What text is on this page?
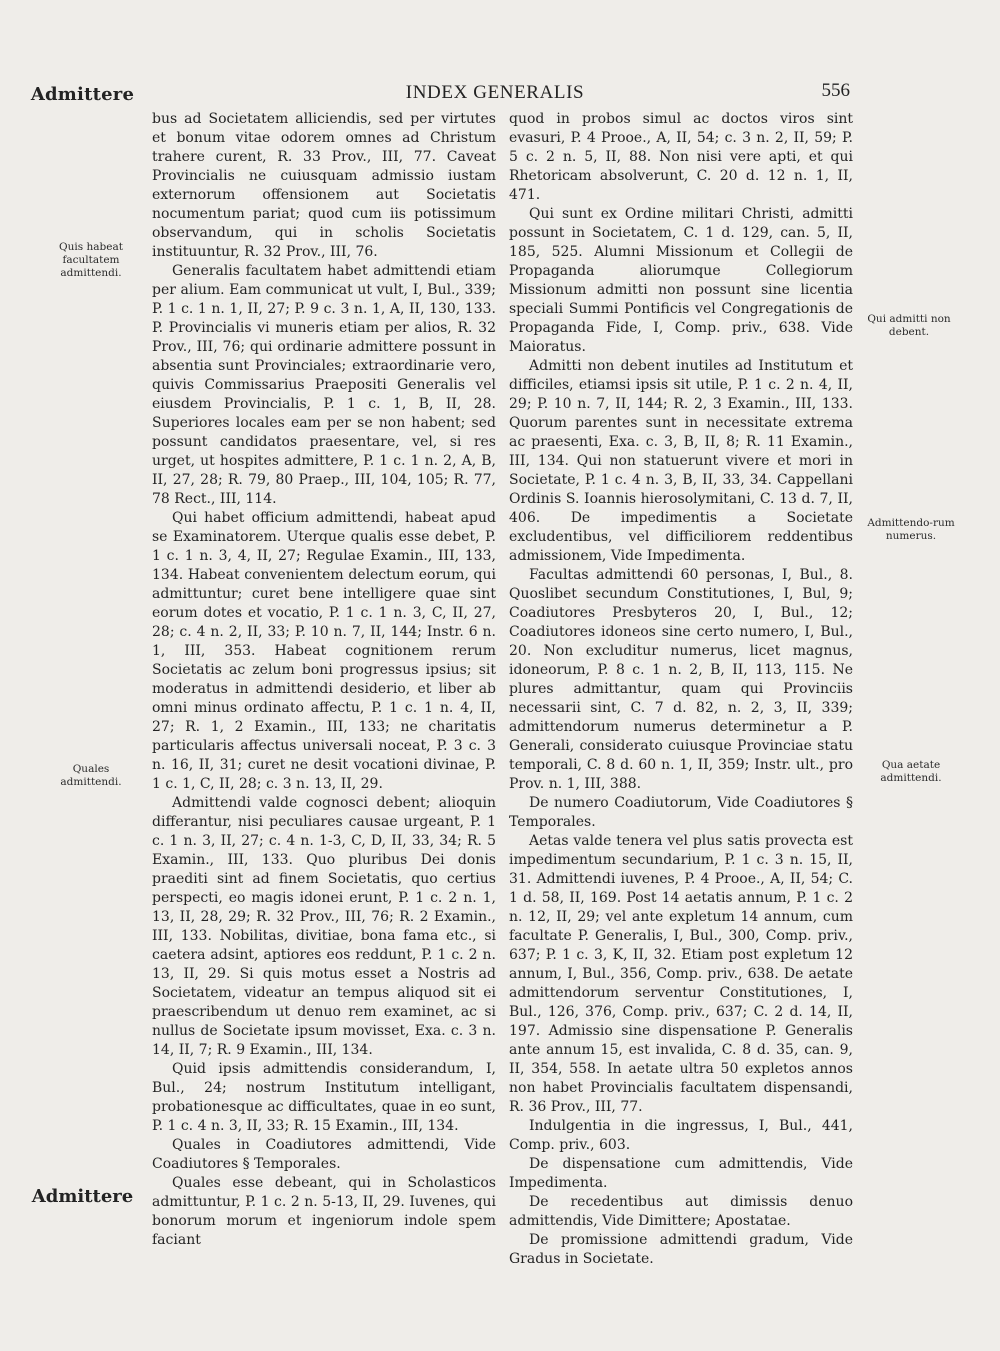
Admittere	INDEX GENERALIS	556
Quis habeat facultatem admittendi.
Quales admittendi.
Qui admitti non debent.
Admittendo-rum numerus.
Qua aetate admittendi.

bus ad Societatem alliciendis, sed per virtutes et bonum vitae odorem omnes ad Christum trahere curent, R. 33 Prov., III, 77. Caveat Provincialis ne cuiusquam admissio iustam externorum offensionem aut Societatis nocumentum pariat; quod cum iis potissimum observandum, qui in scholis Societatis instituuntur, R. 32 Prov., III, 76.

Generalis facultatem habet admittendi etiam per alium. Eam communicat ut vult, I, Bul., 339; P. 1 c. 1 n. 1, II, 27; P. 9 c. 3 n. 1, A, II, 130, 133. P. Provincialis vi muneris etiam per alios, R. 32 Prov., III, 76; qui ordinarie admittere possunt in absentia sunt Provinciales; extraordinarie vero, quivis Commissarius Praepositi Generalis vel eiusdem Provincialis, P. 1 c. 1, B, II, 28. Superiores locales eam per se non habent; sed possunt candidatos praesentare, vel, si res urget, ut hospites admittere, P. 1 c. 1 n. 2, A, B, II, 27, 28; R. 79, 80 Praep., III, 104, 105; R. 77, 78 Rect., III, 114.

Qui habet officium admittendi, habeat apud se Examinatorem. Uterque qualis esse debet, P. 1 c. 1 n. 3, 4, II, 27; Regulae Examin., III, 133, 134. Habeat convenientem delectum eorum, qui admittuntur; curet bene intelligere quae sint eorum dotes et vocatio, P. 1 c. 1 n. 3, C, II, 27, 28; c. 4 n. 2, II, 33; P. 10 n. 7, II, 144; Instr. 6 n. 1, III, 353. Habeat cognitionem rerum Societatis ac zelum boni progressus ipsius; sit moderatus in admittendi desiderio, et liber ab omni minus ordinato affectu, P. 1 c. 1 n. 4, II, 27; R. 1, 2 Examin., III, 133; ne charitatis particularis affectus universali noceat, P. 3 c. 3 n. 16, II, 31; curet ne desit vocationi divinae, P. 1 c. 1, C, II, 28; c. 3 n. 13, II, 29.

Admittendi valde cognosci debent; alioquin differantur, nisi peculiares causae urgeant, P. 1 c. 1 n. 3, II, 27; c. 4 n. 1-3, C, D, II, 33, 34; R. 5 Examin., III, 133. Quo pluribus Dei donis praediti sint ad finem Societatis, quo certius perspecti, eo magis idonei erunt, P. 1 c. 2 n. 1, 13, II, 28, 29; R. 32 Prov., III, 76; R. 2 Examin., III, 133. Nobilitas, divitiae, bona fama etc., si caetera adsint, aptiores eos reddunt, P. 1 c. 2 n. 13, II, 29. Si quis motus esset a Nostris ad Societatem, videatur an tempus aliquod sit ei praescribendum ut denuo rem examinet, ac si nullus de Societate ipsum movisset, Exa. c. 3 n. 14, II, 7; R. 9 Examin., III, 134.

Quid ipsis admittendis considerandum, I, Bul., 24; nostrum Institutum intelligant, probationesque ac difficultates, quae in eo sunt, P. 1 c. 4 n. 3, II, 33; R. 15 Examin., III, 134.

Quales in Coadiutores admittendi, Vide Coadiutores § Temporales.

Quales esse debeant, qui in Scholasticos admittuntur, P. 1 c. 2 n. 5-13, II, 29. Iuvenes, qui bonorum morum et ingeniorum indole spem faciant

quod in probos simul ac doctos viros sint evasuri, P. 4 Prooe., A, II, 54; c. 3 n. 2, II, 59; P. 5 c. 2 n. 5, II, 88. Non nisi vere apti, et qui Rhetoricam absolverunt, C. 20 d. 12 n. 1, II, 471.

Qui sunt ex Ordine militari Christi, admitti possunt in Societatem, C. 1 d. 129, can. 5, II, 185, 525. Alumni Missionum et Collegii de Propaganda aliorumque Collegiorum Missionum admitti non possunt sine licentia speciali Summi Pontificis vel Congregationis de Propaganda Fide, I, Comp. priv., 638. Vide Maioratus.

Admitti non debent inutiles ad Institutum et difficiles, etiamsi ipsis sit utile, P. 1 c. 2 n. 4, II, 29; P. 10 n. 7, II, 144; R. 2, 3 Examin., III, 133. Quorum parentes sunt in necessitate extrema ac praesenti, Exa. c. 3, B, II, 8; R. 11 Examin., III, 134. Qui non statuerunt vivere et mori in Societate, P. 1 c. 4 n. 3, B, II, 33, 34. Cappellani Ordinis S. Ioannis hierosolymitani, C. 13 d. 7, II, 406. De impedimentis a Societate excludentibus, vel difficiliorem reddentibus admissionem, Vide Impedimenta.

Facultas admittendi 60 personas, I, Bul., 8. Quoslibet secundum Constitutiones, I, Bul, 9; Coadiutores Presbyteros 20, I, Bul., 12; Coadiutores idoneos sine certo numero, I, Bul., 20. Non excluditur numerus, licet magnus, idoneorum, P. 8 c. 1 n. 2, B, II, 113, 115. Ne plures admittantur, quam qui Provinciis necessarii sint, C. 7 d. 82, n. 2, 3, II, 339; admittendorum numerus determinetur a P. Generali, considerato cuiusque Provinciae statu temporali, C. 8 d. 60 n. 1, II, 359; Instr. ult., pro Prov. n. 1, III, 388.

De numero Coadiutorum, Vide Coadiutores § Temporales.

Aetas valde tenera vel plus satis provecta est impedimentum secundarium, P. 1 c. 3 n. 15, II, 31. Admittendi iuvenes, P. 4 Prooe., A, II, 54; C. 1 d. 58, II, 169. Post 14 aetatis annum, P. 1 c. 2 n. 12, II, 29; vel ante expletum 14 annum, cum facultate P. Generalis, I, Bul., 300, Comp. priv., 637; P. 1 c. 3, K, II, 32. Etiam post expletum 12 annum, I, Bul., 356, Comp. priv., 638. De aetate admittendorum serventur Constitutiones, I, Bul., 126, 376, Comp. priv., 637; C. 2 d. 14, II, 197. Admissio sine dispensatione P. Generalis ante annum 15, est invalida, C. 8 d. 35, can. 9, II, 354, 558. In aetate ultra 50 expletos annos non habet Provincialis facultatem dispensandi, R. 36 Prov., III, 77.

Indulgentia in die ingressus, I, Bul., 441, Comp. priv., 603.

De dispensatione cum admittendis, Vide Impedimenta.

De recedentibus aut dimissis denuo admittendis, Vide Dimittere; Apostatae.

De promissione admittendi gradum, Vide Gradus in Societate.

Admittere
